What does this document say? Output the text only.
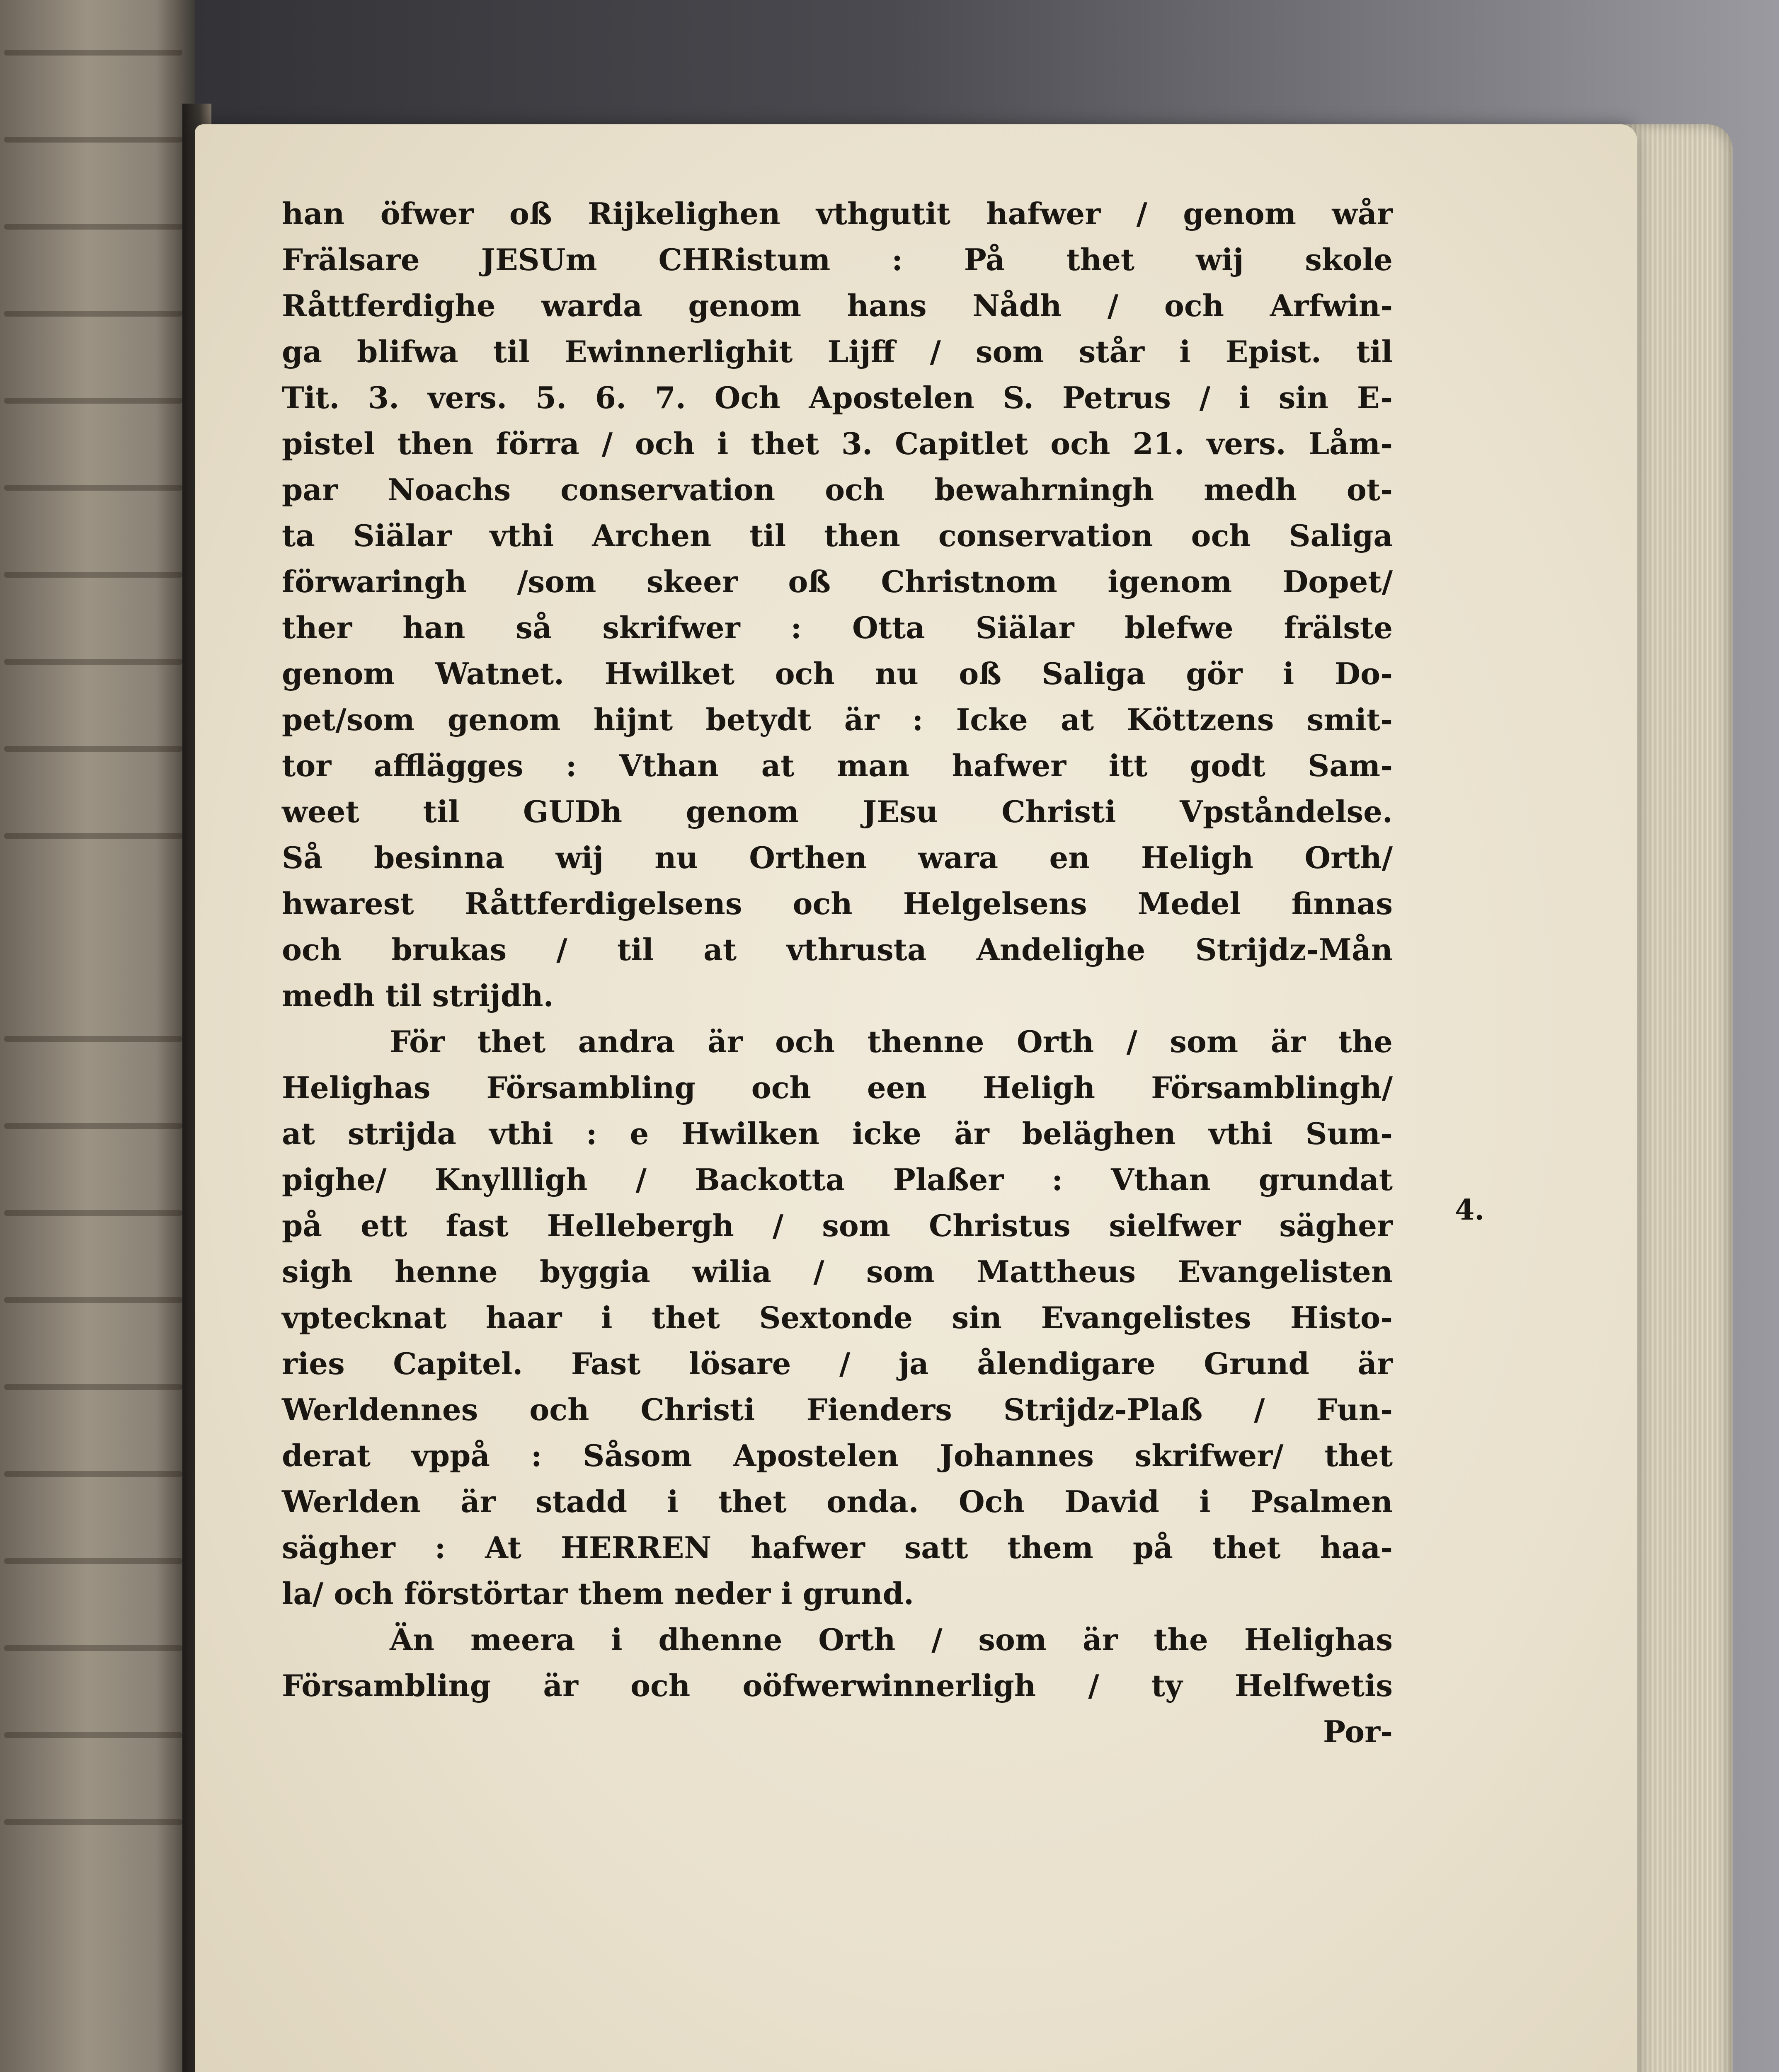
han öfwer oß Rijkelighen vthgutit hafwer / genom wår
Frälsare JESUm CHRistum : På thet wij skole
Råttferdighe warda genom hans Nådh / och Arfwin-
ga blifwa til Ewinnerlighit Lijff / som står i Epist. til
Tit. 3. vers. 5. 6. 7. Och Apostelen S. Petrus / i sin E-
pistel then förra / och i thet 3. Capitlet och 21. vers. Låm-
par Noachs conservation och bewahrningh medh ot-
ta Siälar vthi Archen til then conservation och Saliga
förwaringh /som skeer oß Christnom igenom Dopet/
ther han så skrifwer : Otta Siälar blefwe frälste
genom Watnet. Hwilket och nu oß Saliga gör i Do-
pet/som genom hijnt betydt är : Icke at Köttzens smit-
tor afflägges : Vthan at man hafwer itt godt Sam-
weet til GUDh genom JEsu Christi Vpståndelse.
Så besinna wij nu Orthen wara en Heligh Orth/
hwarest Råttferdigelsens och Helgelsens Medel finnas
och brukas / til at vthrusta Andelighe Strijdz-Mån
medh til strijdh.
För thet andra är och thenne Orth / som är the
Helighas Försambling och een Heligh Församblingh/
at strijda vthi : e Hwilken icke är beläghen vthi Sum-
pighe/ Knyllligh / Backotta Plaßer : Vthan grundat
på ett fast Hellebergh / som Christus sielfwer sägher
sigh henne byggia wilia / som Mattheus Evangelisten
vptecknat haar i thet Sextonde sin Evangelistes Histo-
ries Capitel. Fast lösare / ja ålendigare Grund är
Werldennes och Christi Fienders Strijdz-Plaß / Fun-
derat vppå : Såsom Apostelen Johannes skrifwer/ thet
Werlden är stadd i thet onda. Och David i Psalmen
sägher : At HERREN hafwer satt them på thet haa-
la/ och förstörtar them neder i grund.
Än meera i dhenne Orth / som är the Helighas
Försambling är och oöfwerwinnerligh / ty Helfwetis
Por-
4.
